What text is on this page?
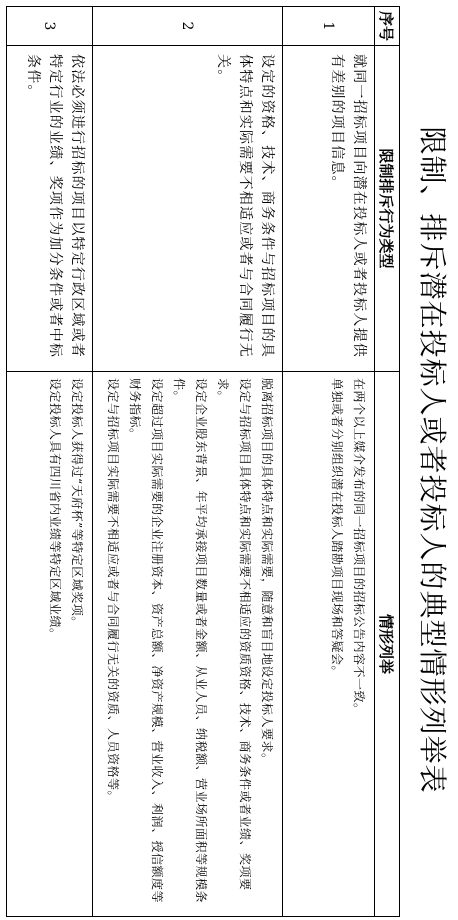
限制、排斥潜在投标人或者投标人的典型情形列举表
序号	限制排斥行为类型	情形列举
1	就同一招标项目向潜在投标人或者投标人提供有差别的项目信息。	在两个以上媒介发布的同一招标项目的招标公告内容不一致。
单独或者分别组织潜在投标人踏勘项目现场和答疑会。

2	设定的资格、技术、商务条件与招标项目的具体特点和实际需要不相适应或者与合同履行无关。	脱离招标项目的具体特点和实际需要，随意和盲目地设定投标人要求。
设定与招标项目具体特点和实际需要不相适应的资质资格、技术、商务条件或者业绩、奖项要求。
设定企业股东背景、年平均承接项目数量或者金额、从业人员、纳税额、营业场所面积等规模条件。
设定超过项目实际需要的企业注册资本、资产总额、净资产规模、营业收入、利润、授信额度等财务指标。
设定与招标项目实际需要不相适应或者与合同履行无关的资质、人员资格等。

3	依法必须进行招标的项目以特定行政区域或者特定行业的业绩、奖项作为加分条件或者中标条件。	设定投标人获得过“天府杯”等特定区域奖项。
设定投标人具有四川省内业绩等特定区域业绩。
